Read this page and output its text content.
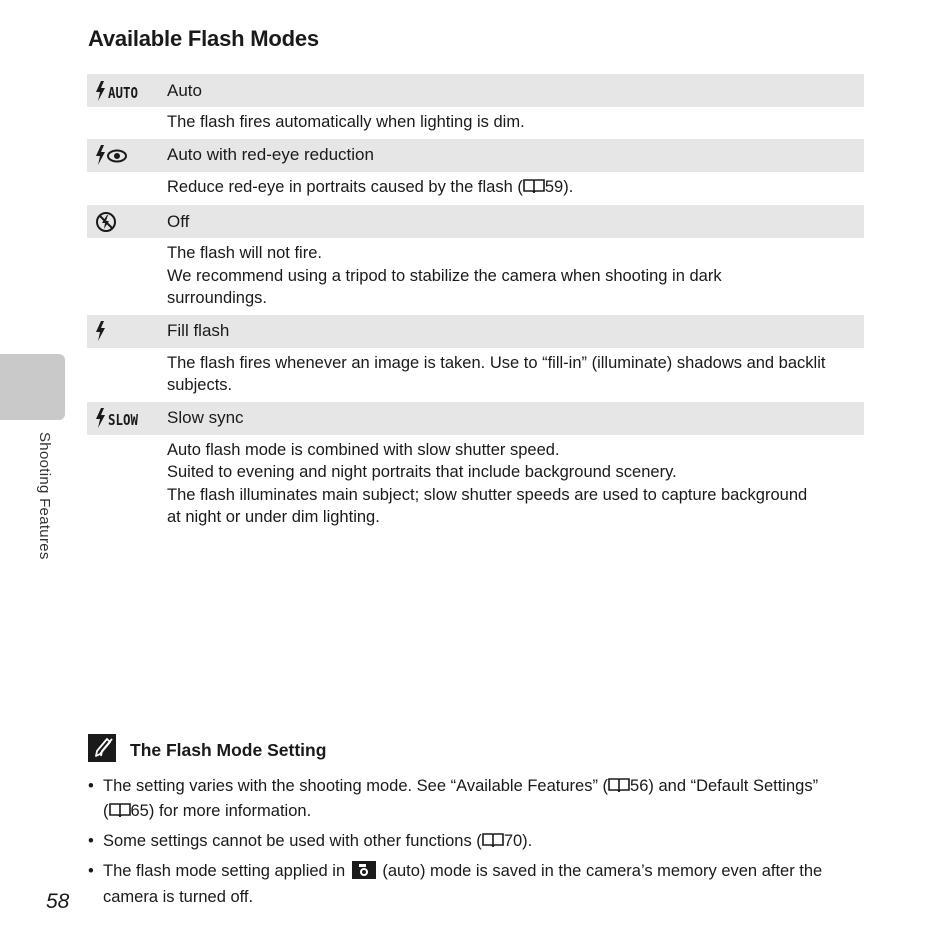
Available Flash Modes
AUTO Auto
The flash fires automatically when lighting is dim.
Auto with red-eye reduction
Reduce red-eye in portraits caused by the flash ( 59).
Off
The flash will not fire.
We recommend using a tripod to stabilize the camera when shooting in dark
surroundings.
Fill flash
The flash fires whenever an image is taken. Use to “fill-in” (illuminate) shadows and backlit
subjects.
SLOW Slow sync
Auto flash mode is combined with slow shutter speed.
Suited to evening and night portraits that include background scenery.
The flash illuminates main subject; slow shutter speeds are used to capture background
at night or under dim lighting.
Shooting Features
The Flash Mode Setting
• The setting varies with the shooting mode. See “Available Features” ( 56) and “Default Settings”
( 65) for more information.
• Some settings cannot be used with other functions ( 70).
• The flash mode setting applied in  (auto) mode is saved in the camera’s memory even after the
camera is turned off.
58
